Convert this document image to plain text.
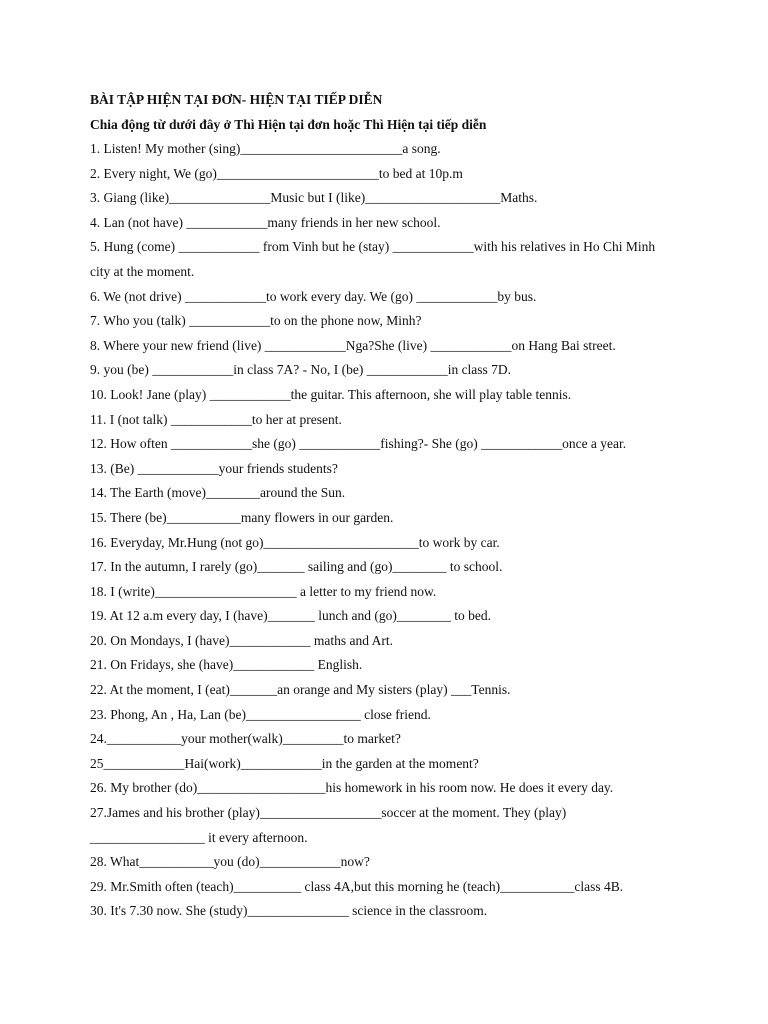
BÀI TẬP HIỆN TẠI ĐƠN- HIỆN TẠI TIẾP DIỄN
Chia động từ dưới đây ở Thì Hiện tại đơn hoặc Thì Hiện tại tiếp diễn
1. Listen! My mother (sing)________________________a song.
2. Every night, We (go)________________________to bed at 10p.m
3. Giang (like)_______________Music but I (like)____________________Maths.
4. Lan (not have) ____________many friends in her new school.
5. Hung (come) ____________ from Vinh but he (stay) ____________with his relatives in Ho Chi Minh
city at the moment.
6. We (not drive) ____________to work every day. We (go) ____________by bus.
7. Who you (talk) ____________to on the phone now, Minh?
8. Where your new friend (live) ____________Nga?She (live) ____________on Hang Bai street.
9. you (be) ____________in class 7A? - No, I (be) ____________in class 7D.
10. Look! Jane (play) ____________the guitar. This afternoon, she will play table tennis.
11. I (not talk) ____________to her at present.
12. How often ____________she (go) ____________fishing?- She (go) ____________once a year.
13. (Be) ____________your friends students?
14. The Earth (move)________around the Sun.
15. There (be)___________many flowers in our garden.
16. Everyday, Mr.Hung (not go)_______________________to work by car.
17. In the autumn, I rarely (go)_______ sailing and (go)________ to school.
18. I (write)_____________________ a letter to my friend now.
19. At 12 a.m every day, I (have)_______ lunch and (go)________ to bed.
20. On Mondays, I (have)____________ maths and Art.
21. On Fridays, she (have)____________ English.
22. At the moment, I (eat)_______an orange and My sisters (play) ___Tennis.
23. Phong, An , Ha, Lan (be)_________________ close friend.
24.___________your mother(walk)_________to market?
25____________Hai(work)____________in the garden at the moment?
26. My brother (do)___________________his homework in his room now. He does it every day.
27.James and his brother (play)__________________soccer at the moment. They (play)
_________________ it every afternoon.
28. What___________you (do)____________now?
29. Mr.Smith often (teach)__________ class 4A,but this morning he (teach)___________class 4B.
30. It's 7.30 now. She (study)_______________ science in the classroom.
